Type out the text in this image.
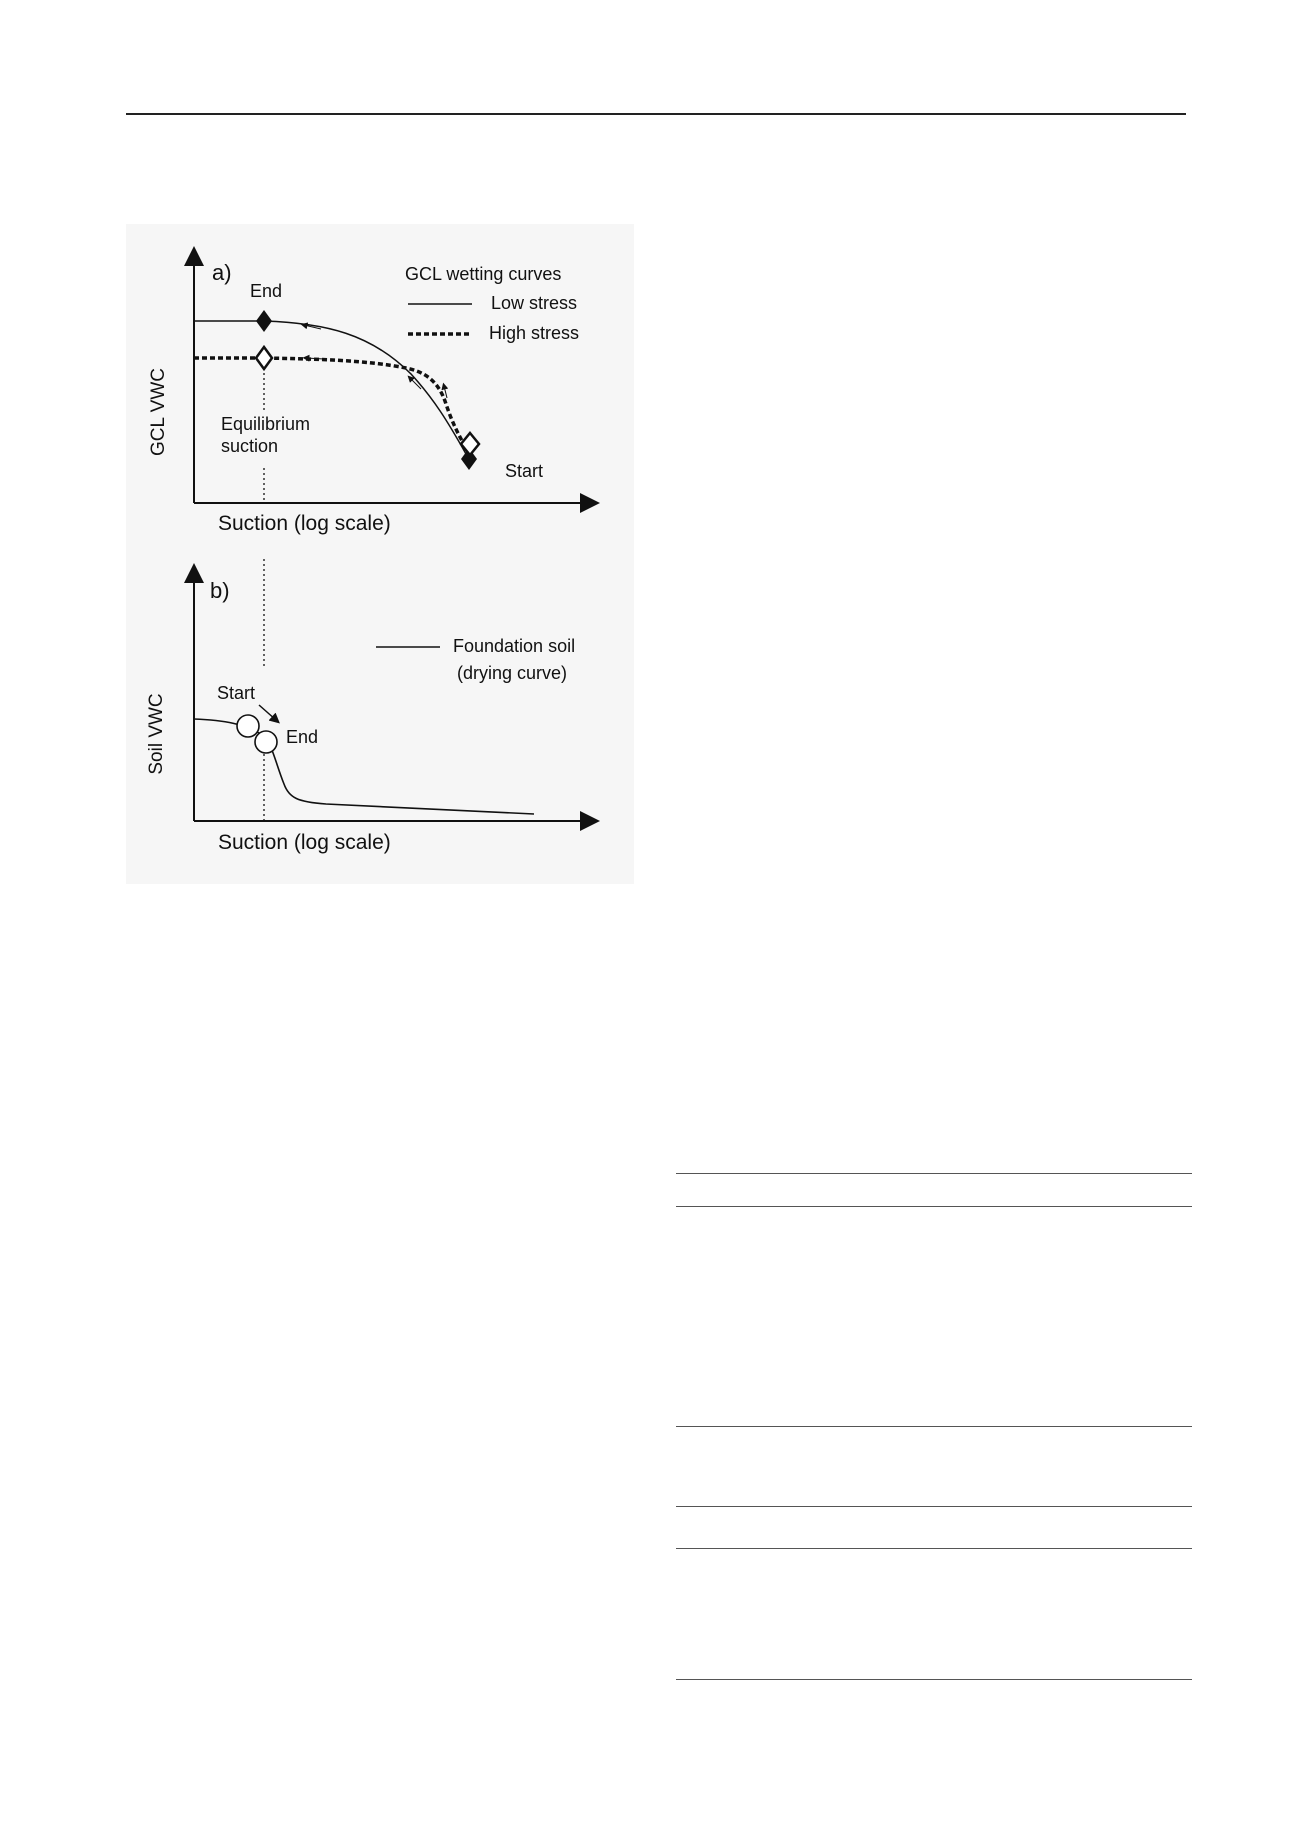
a)
GCL VWC
Suction (log scale)
GCL wetting curves
Low stress
High stress
End
Start
Equilibrium
suction
b)
Soil VWC
Suction (log scale)
Foundation soil
(drying curve)
Start
End
